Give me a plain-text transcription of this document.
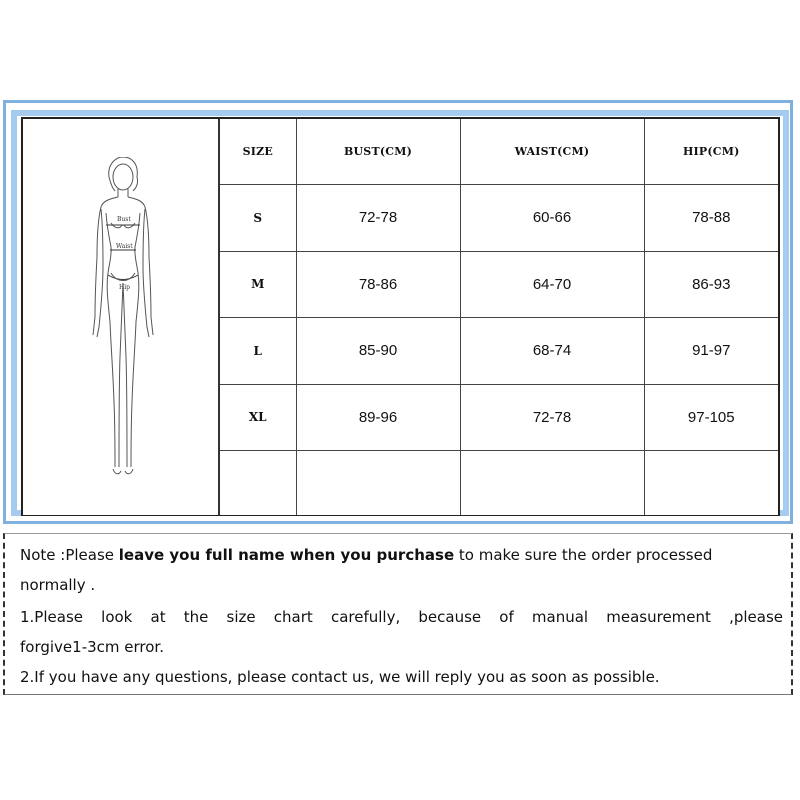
Bust
Waist
Hip
SIZE	BUST(CM)	WAIST(CM)	HIP(CM)
S	72-78	60-66	78-88
M	78-86	64-70	86-93
L	85-90	68-74	91-97
XL	89-96	72-78	97-105

Note :Please leave you full name when you purchase to make sure the order processed
normally .
1.Please look at the size chart carefully, because of manual measurement ,please
forgive1-3cm error.
2.If you have any questions, please contact us, we will reply you as soon as possible.
